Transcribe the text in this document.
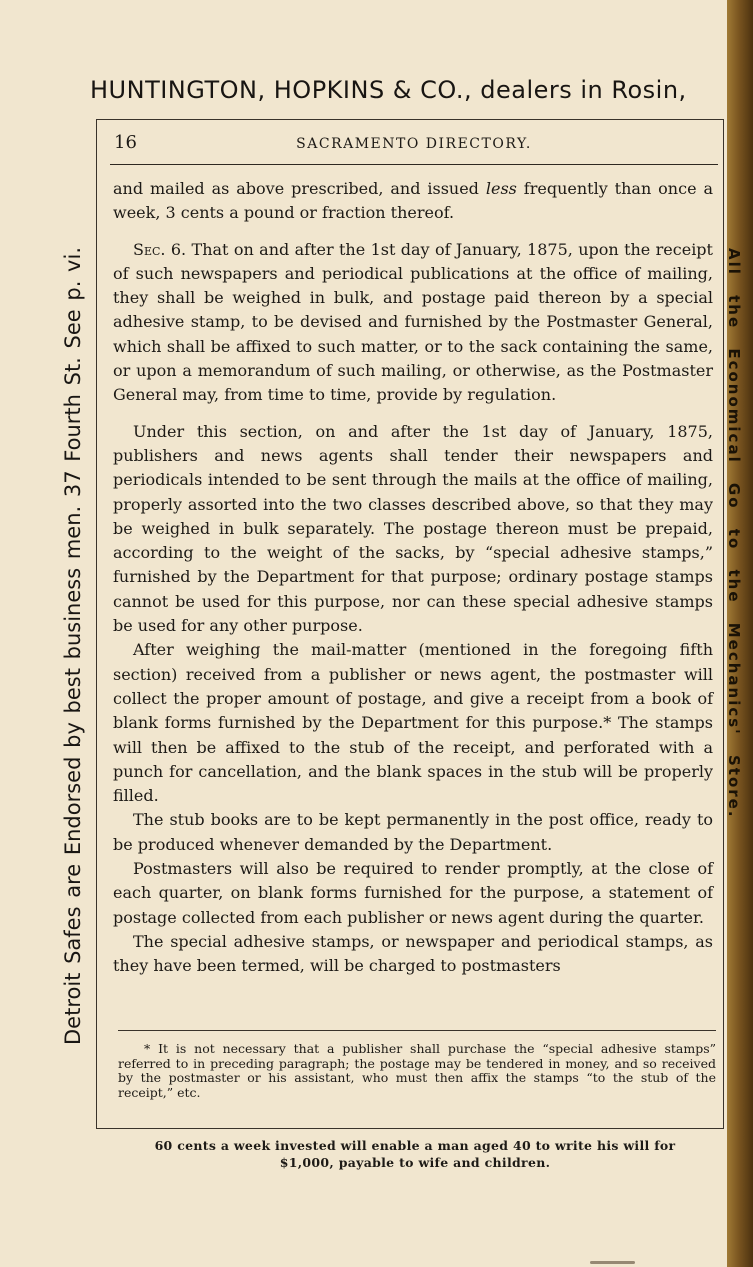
HUNTINGTON, HOPKINS & CO., dealers in Rosin,
Detroit Safes are Endorsed by best business men. 37 Fourth St. See p. vi.	All the Economical Go to the Mechanics' Store.
16	SACRAMENTO DIRECTORY.

and mailed as above prescribed, and issued less frequently than once a week, 3 cents a pound or fraction thereof.

Sec. 6. That on and after the 1st day of January, 1875, upon the receipt of such newspapers and periodical publications at the office of mailing, they shall be weighed in bulk, and postage paid thereon by a special adhesive stamp, to be devised and furnished by the Postmaster General, which shall be affixed to such matter, or to the sack containing the same, or upon a memorandum of such mailing, or otherwise, as the Postmaster General may, from time to time, provide by regulation.

Under this section, on and after the 1st day of January, 1875, publishers and news agents shall tender their newspapers and periodicals intended to be sent through the mails at the office of mailing, properly assorted into the two classes described above, so that they may be weighed in bulk separately. The postage thereon must be prepaid, according to the weight of the sacks, by “special adhesive stamps,” furnished by the Department for that purpose; ordinary postage stamps cannot be used for this purpose, nor can these special adhesive stamps be used for any other purpose.

After weighing the mail-matter (mentioned in the foregoing fifth section) received from a publisher or news agent, the postmaster will collect the proper amount of postage, and give a receipt from a book of blank forms furnished by the Department for this purpose.* The stamps will then be affixed to the stub of the receipt, and perforated with a punch for cancellation, and the blank spaces in the stub will be properly filled.

The stub books are to be kept permanently in the post office, ready to be produced whenever demanded by the Department.

Postmasters will also be required to render promptly, at the close of each quarter, on blank forms furnished for the purpose, a statement of postage collected from each publisher or news agent during the quarter.

The special adhesive stamps, or newspaper and periodical stamps, as they have been termed, will be charged to postmasters

* It is not necessary that a publisher shall purchase the “special adhesive stamps” referred to in preceding paragraph; the postage may be tendered in money, and so received by the postmaster or his assistant, who must then affix the stamps “to the stub of the receipt,” etc.
60 cents a week invested will enable a man aged 40 to write his will for
$1,000, payable to wife and children.
